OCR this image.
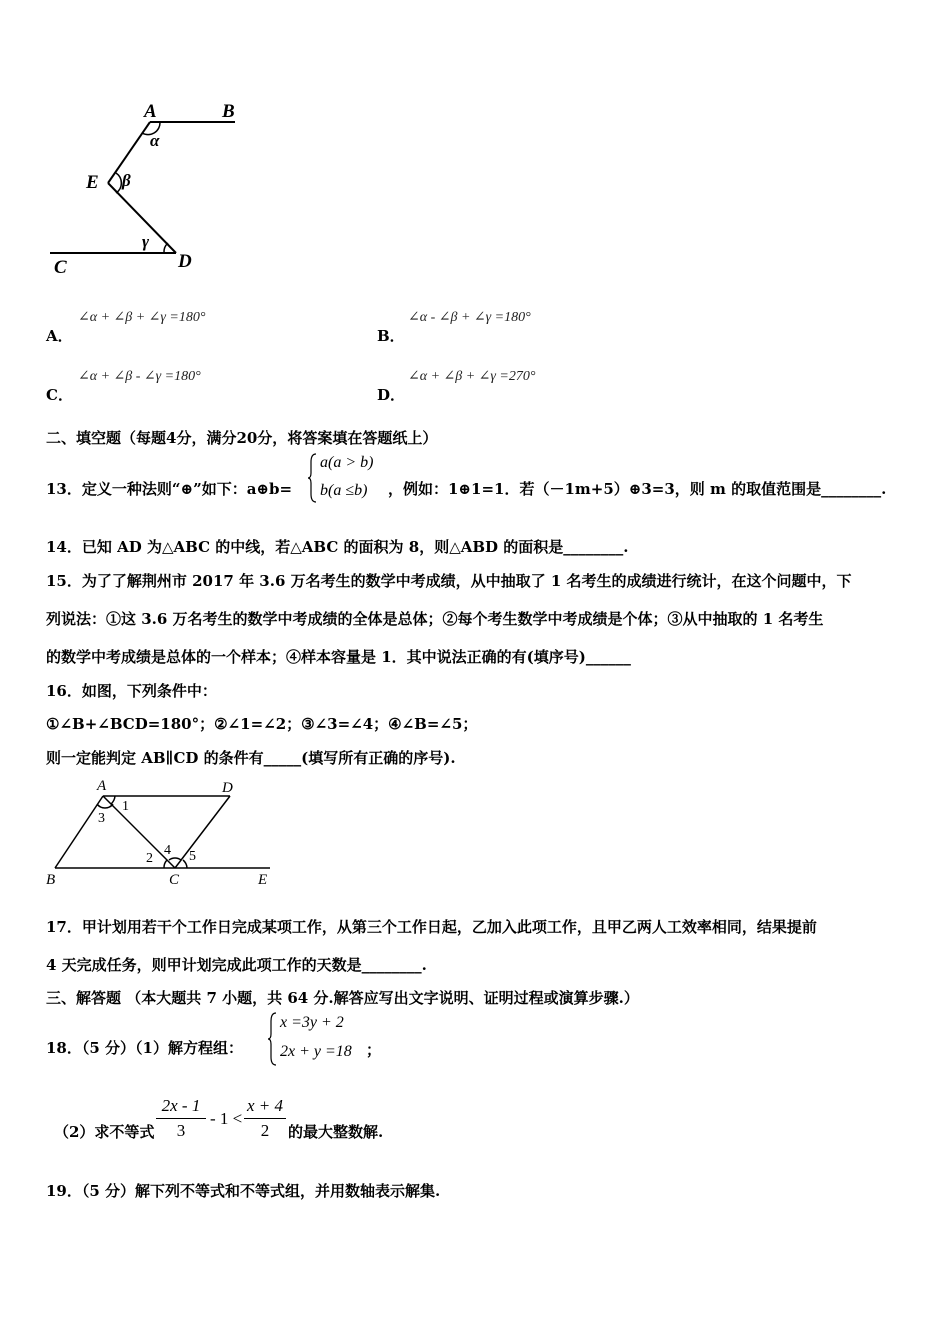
A	B
E
C	D
α
β
γ
A．
∠α + ∠β + ∠γ =180°
B．
∠α - ∠β + ∠γ =180°
C．
∠α + ∠β - ∠γ =180°
D．
∠α + ∠β + ∠γ =270°
二、填空题（每题4分，满分20分，将答案填在答题纸上）
13．定义一种法则“⊕”如下：a⊕b=
a(a > b)
b(a ≤b) ，例如：1⊕1=1．若（－1m+5）⊕3=3，则 m 的取值范围是________.
14．已知 AD 为△ABC 的中线，若△ABC 的面积为 8，则△ABD 的面积是________.
15．为了了解荆州市 2017 年 3.6 万名考生的数学中考成绩，从中抽取了 1 名考生的成绩进行统计，在这个问题中，下
列说法：①这 3.6 万名考生的数学中考成绩的全体是总体；②每个考生数学中考成绩是个体；③从中抽取的 1 名考生
的数学中考成绩是总体的一个样本；④样本容量是 1．其中说法正确的有(填序号)______
16．如图，下列条件中：
①∠B+∠BCD=180°；②∠1=∠2；③∠3=∠4；④∠B=∠5；
则一定能判定 AB∥CD 的条件有_____(填写所有正确的序号).
A	D
B	C	E
1
3
2
4 5
17．甲计划用若干个工作日完成某项工作，从第三个工作日起，乙加入此项工作，且甲乙两人工效率相同，结果提前
4 天完成任务，则甲计划完成此项工作的天数是________.
三、解答题 （本大题共 7 小题，共 64 分.解答应写出文字说明、证明过程或演算步骤.）
18．（5 分）（1）解方程组：
x =3y + 2
2x + y =18 ；
（2）求不等式 $\frac{2x - 1}{3} - 1 < \frac{x + 4}{2}$ 的最大整数解.
19．（5 分）解下列不等式和不等式组，并用数轴表示解集.
